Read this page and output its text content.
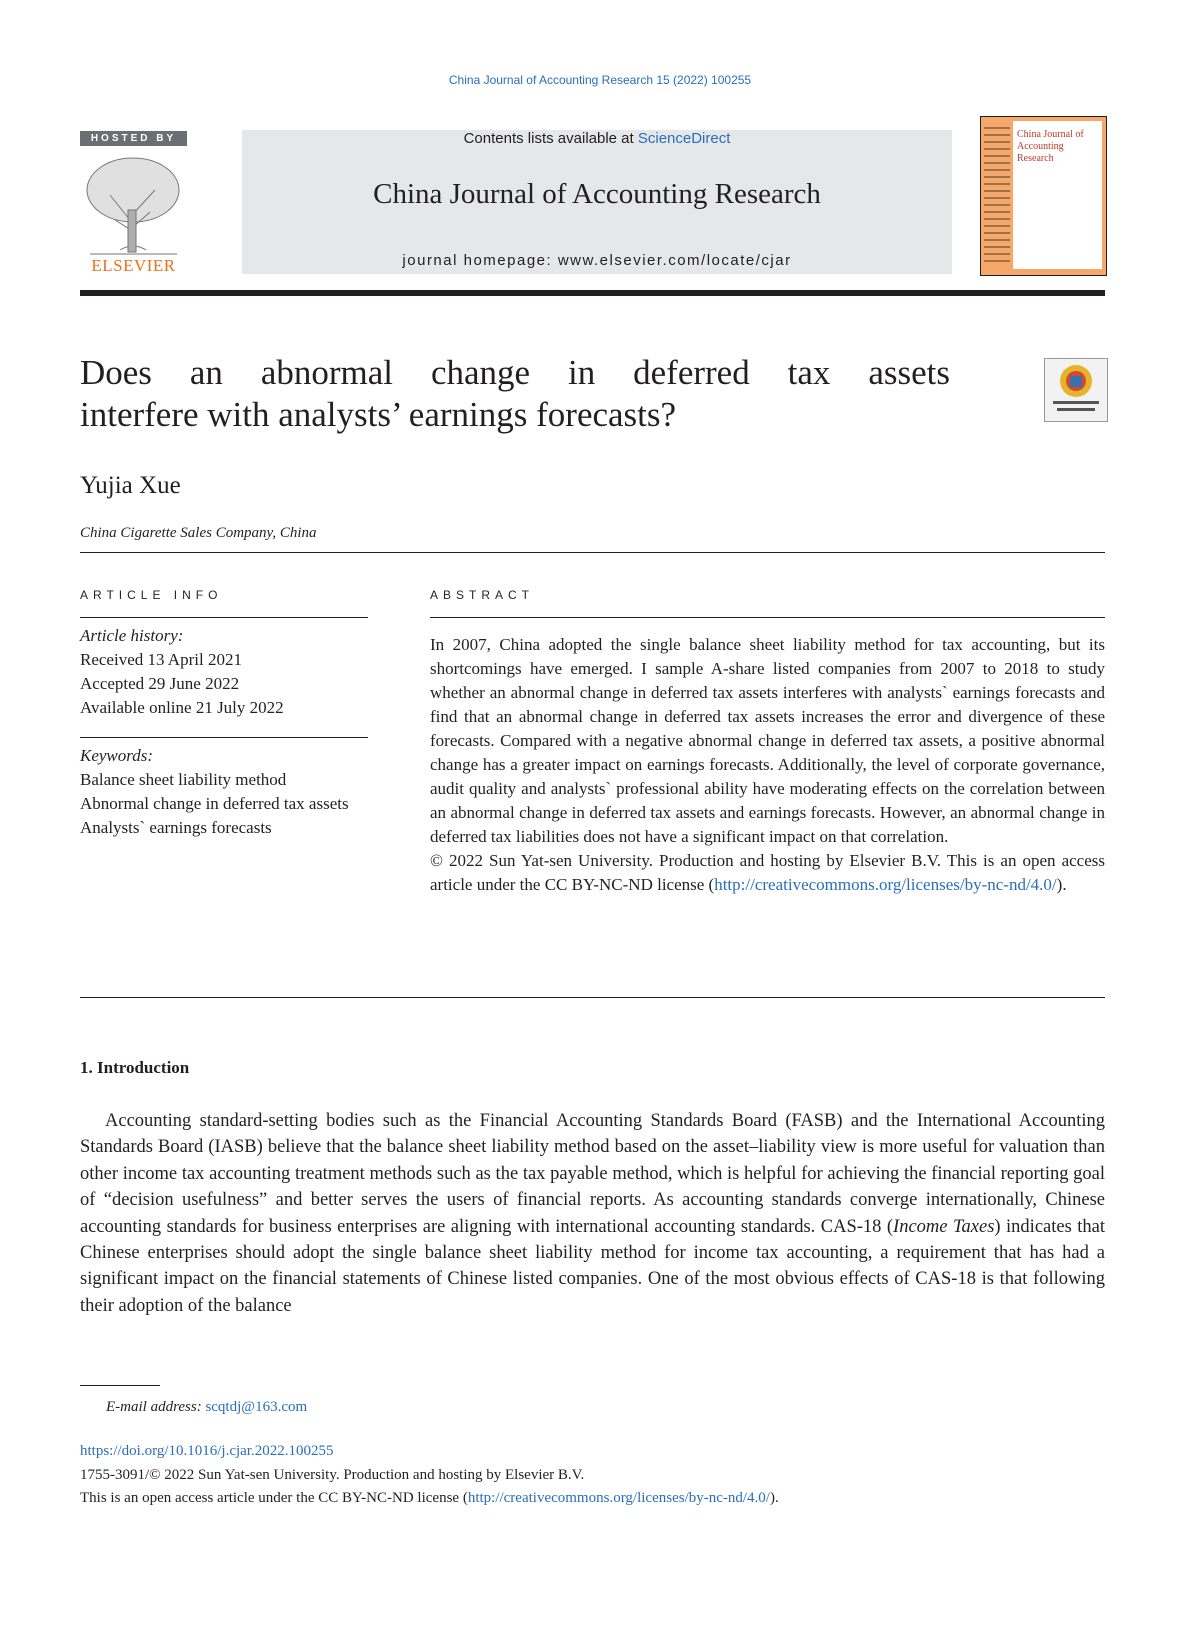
China Journal of Accounting Research 15 (2022) 100255
HOSTED BY
ELSEVIER
Contents lists available at ScienceDirect
China Journal of Accounting Research
journal homepage: www.elsevier.com/locate/cjar
China Journal of Accounting Research
Does an abnormal change in deferred tax assets
interfere with analysts’ earnings forecasts?
Yujia Xue
China Cigarette Sales Company, China
ARTICLE INFO
Article history:
Received 13 April 2021
Accepted 29 June 2022
Available online 21 July 2022
Keywords:
Balance sheet liability method
Abnormal change in deferred tax assets
Analysts` earnings forecasts
ABSTRACT

In 2007, China adopted the single balance sheet liability method for tax accounting, but its shortcomings have emerged. I sample A-share listed companies from 2007 to 2018 to study whether an abnormal change in deferred tax assets interferes with analysts` earnings forecasts and find that an abnormal change in deferred tax assets increases the error and divergence of these forecasts. Compared with a negative abnormal change in deferred tax assets, a positive abnormal change has a greater impact on earnings forecasts. Additionally, the level of corporate governance, audit quality and analysts` professional ability have moderating effects on the correlation between an abnormal change in deferred tax assets and earnings forecasts. However, an abnormal change in deferred tax liabilities does not have a significant impact on that correlation.

© 2022 Sun Yat-sen University. Production and hosting by Elsevier B.V. This is an open access article under the CC BY-NC-ND license (http://creativecommons.org/licenses/by-nc-nd/4.0/).

1. Introduction
Accounting standard-setting bodies such as the Financial Accounting Standards Board (FASB) and the International Accounting Standards Board (IASB) believe that the balance sheet liability method based on the asset–liability view is more useful for valuation than other income tax accounting treatment methods such as the tax payable method, which is helpful for achieving the financial reporting goal of “decision usefulness” and better serves the users of financial reports. As accounting standards converge internationally, Chinese accounting standards for business enterprises are aligning with international accounting standards. CAS-18 (Income Taxes) indicates that Chinese enterprises should adopt the single balance sheet liability method for income tax accounting, a requirement that has had a significant impact on the financial statements of Chinese listed companies. One of the most obvious effects of CAS-18 is that following their adoption of the balance
E-mail address: scqtdj@163.com
https://doi.org/10.1016/j.cjar.2022.100255
1755-3091/© 2022 Sun Yat-sen University. Production and hosting by Elsevier B.V.
This is an open access article under the CC BY-NC-ND license (http://creativecommons.org/licenses/by-nc-nd/4.0/).
